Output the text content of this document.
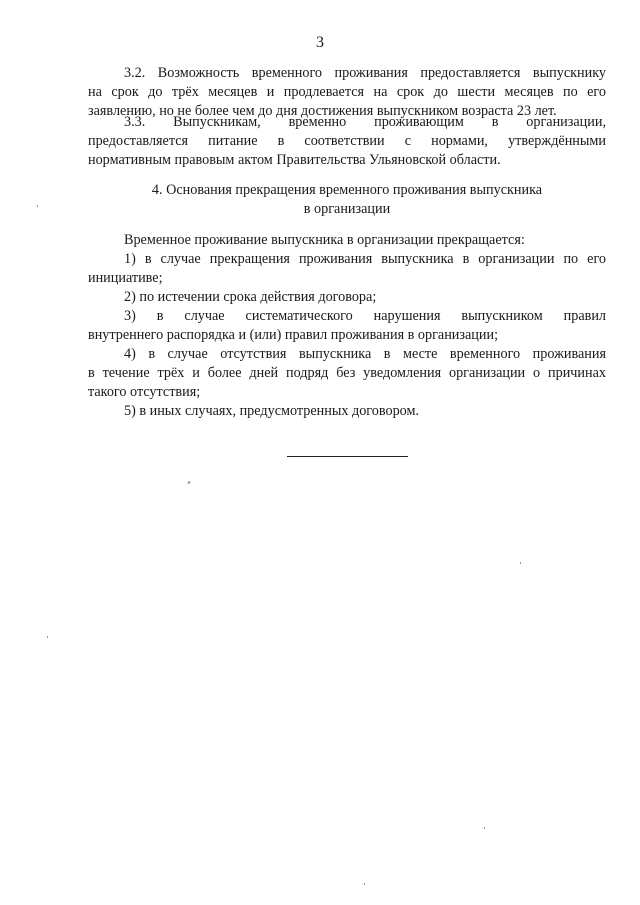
3
3.2. Возможность временного проживания предоставляется выпускнику
на срок до трёх месяцев и продлевается на срок до шести месяцев по его
заявлению, но не более чем до дня достижения выпускником возраста 23 лет.
3.3. Выпускникам, временно проживающим в организации,
предоставляется питание в соответствии с нормами, утверждёнными
нормативным правовым актом Правительства Ульяновской области.
4. Основания прекращения временного проживания выпускника
в организации
Временное проживание выпускника в организации прекращается:
1) в случае прекращения проживания выпускника в организации по его
инициативе;
2) по истечении срока действия договора;
3) в случае систематического нарушения выпускником правил
внутреннего распорядка и (или) правил проживания в организации;
4) в случае отсутствия выпускника в месте временного проживания
в течение трёх и более дней подряд без уведомления организации о причинах
такого отсутствия;
5) в иных случаях, предусмотренных договором.
